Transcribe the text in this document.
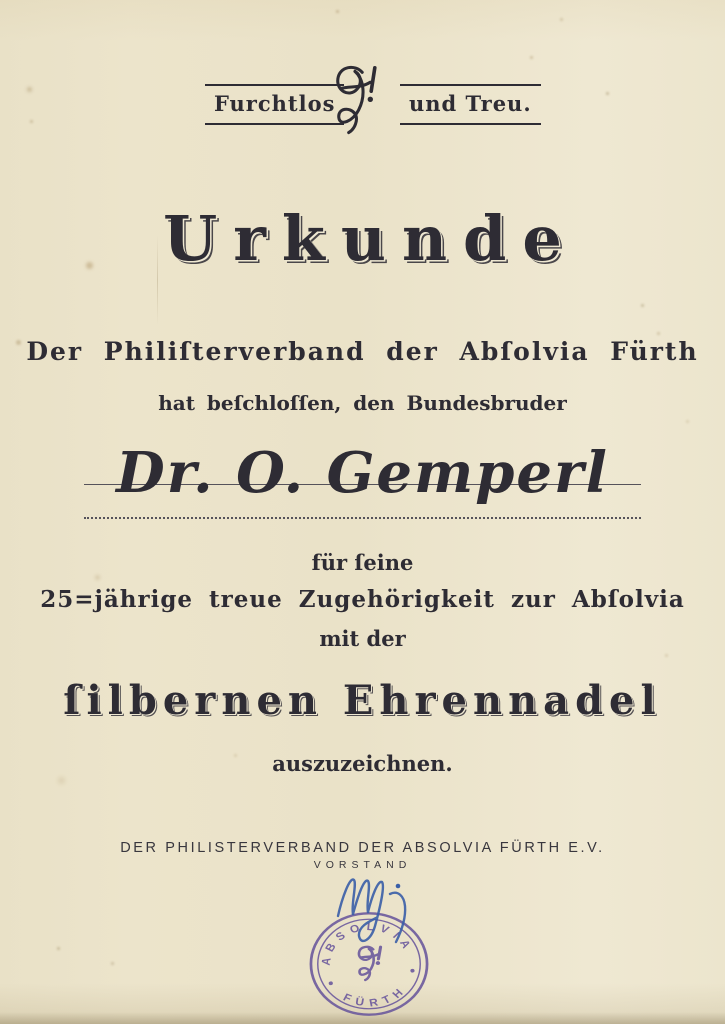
Furchtlos	und Treu.
Urkunde
Der Philiſterverband der Abſolvia Fürth
hat beſchloſſen, den Bundesbruder
Dr. O. Gemperl
für ſeine
25=jährige treue Zugehörigkeit zur Abſolvia
mit der
ſilbernen Ehrennadel
auszuzeichnen.
DER PHILISTERVERBAND DER ABSOLVIA FÜRTH E.V.
VORSTAND
ABSOLVIA
FÜRTH
